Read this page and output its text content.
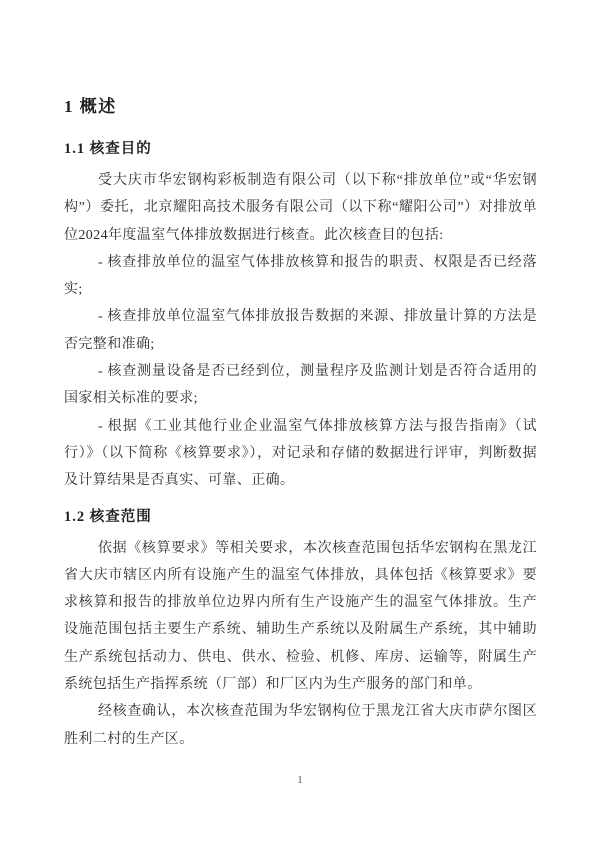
1 概述
1.1 核查目的

受大庆市华宏钢构彩板制造有限公司（以下称“排放单位”或“华宏钢构”）委托，北京耀阳高技术服务有限公司（以下称“耀阳公司”）对排放单位2024年度温室气体排放数据进行核查。此次核查目的包括:

- 核查排放单位的温室气体排放核算和报告的职责、权限是否已经落实;

- 核查排放单位温室气体排放报告数据的来源、排放量计算的方法是否完整和准确;

- 核查测量设备是否已经到位，测量程序及监测计划是否符合适用的国家相关标准的要求;

- 根据《工业其他行业企业温室气体排放核算方法与报告指南》（试行）》（以下简称《核算要求》），对记录和存储的数据进行评审，判断数据及计算结果是否真实、可靠、正确。

1.2 核查范围

依据《核算要求》等相关要求，本次核查范围包括华宏钢构在黑龙江省大庆市辖区内所有设施产生的温室气体排放，具体包括《核算要求》要求核算和报告的排放单位边界内所有生产设施产生的温室气体排放。生产设施范围包括主要生产系统、辅助生产系统以及附属生产系统，其中辅助生产系统包括动力、供电、供水、检验、机修、库房、运输等，附属生产系统包括生产指挥系统（厂部）和厂区内为生产服务的部门和单。

经核查确认，本次核查范围为华宏钢构位于黑龙江省大庆市萨尔图区胜利二村的生产区。

1
